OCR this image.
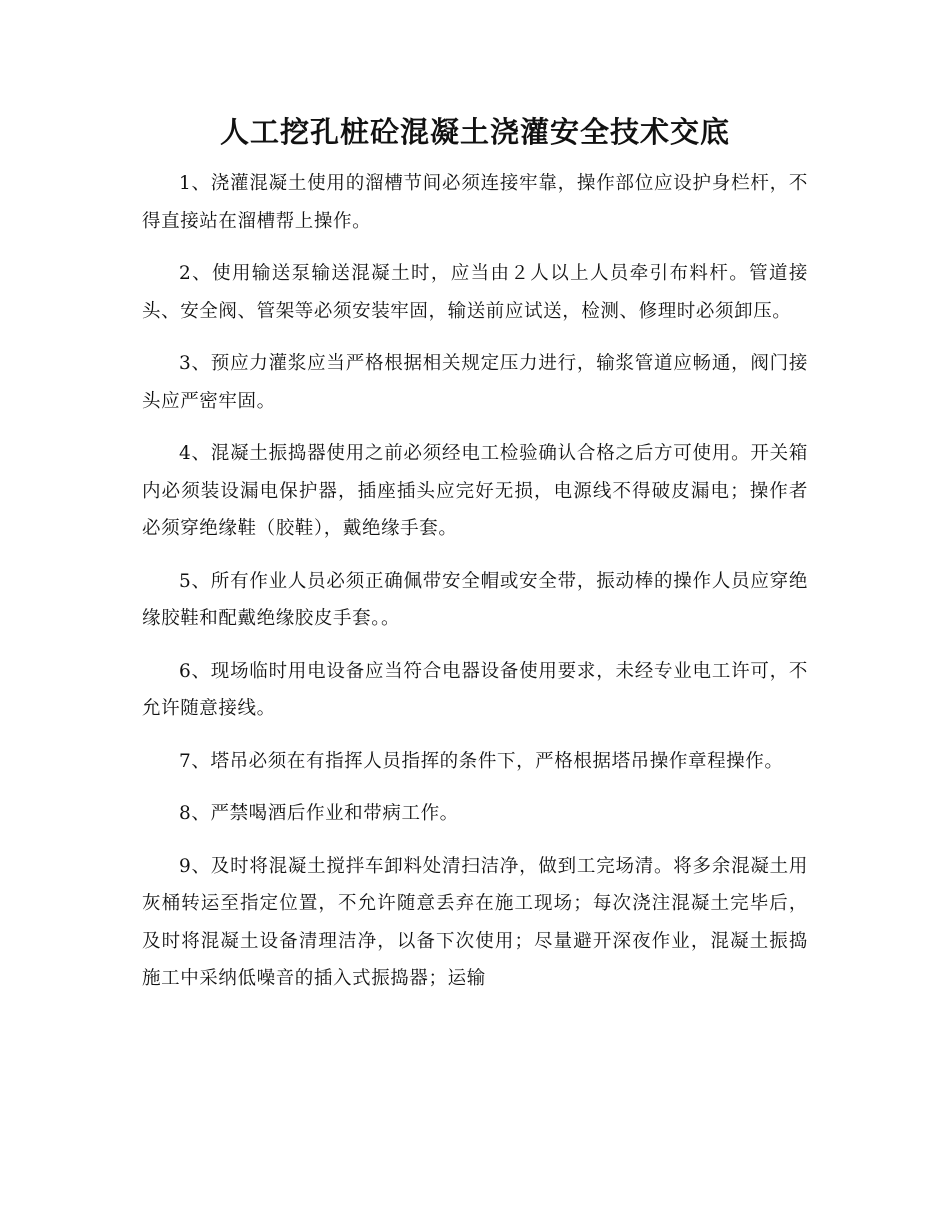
人工挖孔桩砼混凝土浇灌安全技术交底

1、浇灌混凝土使用的溜槽节间必须连接牢靠，操作部位应设护身栏杆，不得直接站在溜槽帮上操作。

2、使用输送泵输送混凝土时，应当由２人以上人员牵引布料杆。管道接头、安全阀、管架等必须安装牢固，输送前应试送，检测、修理时必须卸压。

3、预应力灌浆应当严格根据相关规定压力进行，输浆管道应畅通，阀门接头应严密牢固。

4、混凝土振捣器使用之前必须经电工检验确认合格之后方可使用。开关箱内必须装设漏电保护器，插座插头应完好无损，电源线不得破皮漏电；操作者必须穿绝缘鞋（胶鞋），戴绝缘手套。

5、所有作业人员必须正确佩带安全帽或安全带，振动棒的操作人员应穿绝缘胶鞋和配戴绝缘胶皮手套。。

6、现场临时用电设备应当符合电器设备使用要求，未经专业电工许可，不允许随意接线。

7、塔吊必须在有指挥人员指挥的条件下，严格根据塔吊操作章程操作。

8、严禁喝酒后作业和带病工作。

9、及时将混凝土搅拌车卸料处清扫洁净，做到工完场清。将多余混凝土用灰桶转运至指定位置，不允许随意丢弃在施工现场；每次浇注混凝土完毕后，及时将混凝土设备清理洁净，以备下次使用；尽量避开深夜作业，混凝土振捣施工中采纳低噪音的插入式振捣器；运输
